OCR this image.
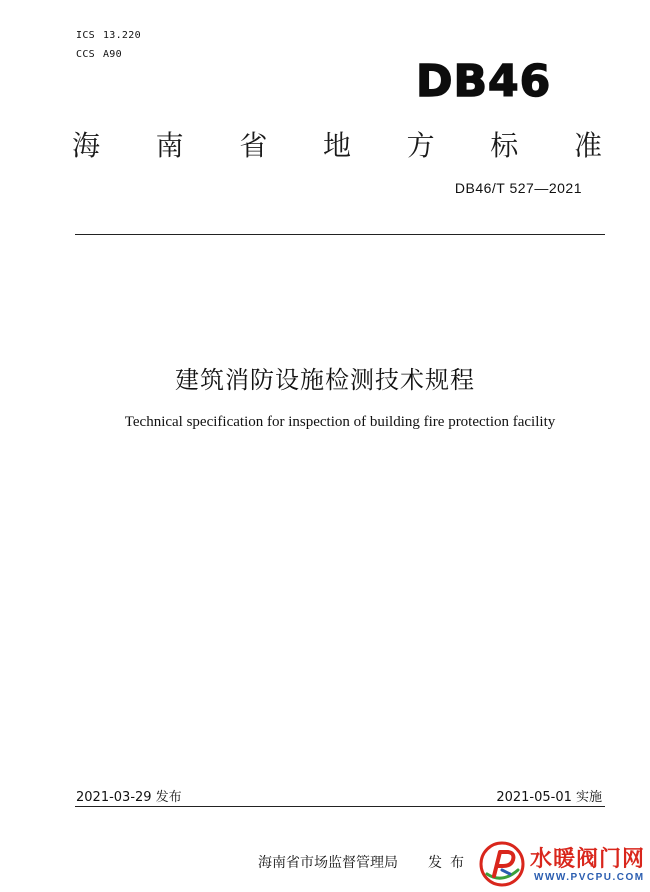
ICS 13.220
CCS A90
DB46
海 南 省 地 方 标 准
DB46/T 527—2021
建筑消防设施检测技术规程
Technical specification for inspection of building fire protection facility
2021-03-29 发布	2021-05-01 实施
海南省市场监督管理局 发布	水暖阀门网
WWW.PVCPU.COM
